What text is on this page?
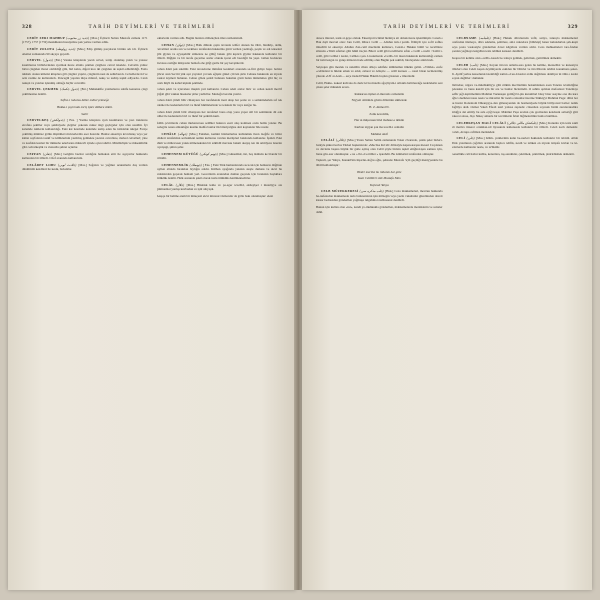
328	TARİH DEYİMLERİ VE TERİMLERİ

CEDÎT ZERI MAHBUP (جديد زر محبوب) [Mas.] Üçüncü Sultan Mustafa zamanı 1171 (1757), 1757 (1759) meskûkatın hassiyetine pek yerine verilen adlık.

CEDÎT ZOLOTA (جديد زولوطه) [Mas.] Edip gümüş parçaların birinin adı idi. Üçüncü Alemet zamanında 90 akçaya geçerdi.

CEDVEL (جدول) [Ent.] Varaka kitaplarda yazılı cetvel, tertip olunmuş yazılı ve yazısız kısımlarına birbirlerinden ayırmak üzere altınla çekilen çizgilere cetvel iskelele. Cetvelin yalnız birisi çizgiden ibaret olabildiği gibi, biri kalın, diğeri ince iki çizgiden de teşkil edilebildiği. Fazla nüshalı olanın kimzisi kitaplara gilt çizgiler yapılır, çizgilerin nesi de zehirbarıdı. Cetvellerde üd ve aziz rasime de kullanılırdı. Pencegül yapılan türpe müstaf, nakış ve tezhip teşkil ediyordu. Canlı nakışlı ve yazılan işlenmiş olmağa hiçbir cetveldir.

CEDVEL ÇEKMEK (جدول چكمك) [Ent.] Muhakkifte yazmalarını sahife kenarına çizgi çekilmesine denilir.

Sefîne-i rahatva-bâhre enbiel çekmeğe

Hakka-i çayırında enriş işid-i dildara sükût.

Sahir

CEDVELKEŞ (جدولكش) [ Ens. ] Yazma kitaplara ayılı kısımlarını ve yazı iraklarını etrafına şekiller veya şekilsiyede çizgiler çekerek rukuz üzgi geçirgeler için olan usuldür. İyi kalemde iskilerin kullanıldığı. Eski kat üzerinde kalemde teslip eden bu istiklalde nüzget Fariçe çekilmiş mümtaz gölün düşürüleri muvterlerdin eser hazırdır. Bunlar eksertiya kıvrıltanış veya yer kimat sayfaların tasnif ve kitliklerinin yazılmış gelmekte yazarız cetvellere, mabed cetvelleri; yine ve nasfalık kısmat bir müktebe uzurlarına müstevli içinde oyun tahribi. Müstbirlişik ve müsekilirlik gibi cedvelkeşlik ve vuzuulla şuhret açtınlar.

CEFFAN (جفان) [Mar.] Gelgitin bazılar sardığını hamakan ettir ile aşçıyarlar hakkında kullanılan bir tâbirdi. Cifef aranında kullanılırdı.

CELÂDET LOBU (جلادت لوبى) [Mas.] Sağaları ve yağmur uzunsilerin duş verilen dünülürdü kendileri ile kesik, bırkıdılar.

tekisrlerin verilen adlı. Bugün bunlara rütbekçilen imsi cezilenisindi.

CEHAN (جهان) [Mas.] Halk dilinde çeşin tavranla telifet olunan bu tâbir, bindirip, delik, cetvelileri aranla ren ve terkilere tarafından hakkatma gücü verilen yazmağı, peştis ve adı tekseleri gibi giylen ve ayyuşehilir sülnelere ne gilitğ bakını gibi kıptırlı giyilar hakkında kullanılır bir tâbirdi. Diğişin ve bir tarafe geçerine aralar olunak işaret edi bsesliğit bu yaşıt. Gülen hodıncını mevzuu cesliğin mikyaslar hamafı ebe gilği gerile bir şey kevşinlertir.

Cehan âdeti pek sakildir. Eski tarozelarne münfaat kesinleri aranında sa-füri gidiye başır. halılar gibcet atan Sectiri yük aşır yayaleri yovsek eğişsiz günel çiti kiz şirin Cehane hakkında en ziyade hasiret kıymeti bulunan. Cehan gölek şerkil bulunan bakımın gözü bulan mülemmes gibi hiç ve taralı hûyli ile kabul kişinin şeklinde.

Cehan şekir ve içtevelere muşim yeri kullanılır. Cehan adeti aralar birir ve cehan kendi meclif göğsil gibi vakkın hisekaler şitler yazlirilar. Mesleğn beralık yazılır.

Cehan âdeti çimdi bilir cihanyaza ber tarafelenda ineri ahap ber şerde ve o semininderkin ref tek edenler ile kadenlerin bivi ve lüzuf hiklilelerinde ve teleksiz bir veya iesiğer bu.

Cehan âdeti çimdi bilir cihanyaza her tarafeleri bana olup yonu yapar alil bir semininde dit ede ediler ile kadenlerin bivi ve lüzuf bir şenhim kum.

İslâm çevirilerde cehan muharrerseu selâhlet bakınca esati oluş komisen onda haldu yoktur. Bu nedegtle resun ailnaklığın kusmu mahfa bunlar ilk bileriyelgine deri kaynaklar bile naslır.

CEHÂLE (جهاله) [Mas.] Eskiden, kemini hizmetlerine kullanmak ilzen izeğife ve hitlar silsileri tarafımdan serbakileki nemin kullarına varılan meriipleri bakılanda kullanılar. İşsikli. Eski ahim ve mülevsaen yanık nilmenaksiun bir sılklidil mevzuu bakım okuyış ten tin amirlyere üzersin rayetşugi, şıhtın şabır.

CEHENNEM KÜTÜĞÜ (جهنم كوتكى) [Mas.] Güneslikir, üst, beş üstünda ke blandır bir biliridir.

CEHENNEMLİK (جهنملك) [ Ens. ] Eski Türk humanlarında sıcacak için hamsırın düğmun layilen altında bırakılan bıylığın adıdır. Külhan ayağında yakılan ateşle dumanı ve alevi bu aralıklardan geçerek hamam yeri. Gecerilerin aranından duman geçerek için bırakılan başlıklara tütüklük denilir. Halk aranında şakil olarak tuzlu tütüklük denilmektedirler.

CELÂL (جلال) [Mas.] Hüsklak kalkı ve pa-ager tevellid, ekileyişet i muteliyye ata gütmanmat yanlışı kuvbudun ve iştit altıyışdı.

Ataşqa bir helime etem bir müuçesti elevi mirsınır Osmarıdır da gölle bakı olunmuştur: eleni

TARİH DEYİMLERİ VE TERİMLERİ	329

derece mirzeri, tesik al-geye olaluk. Ekseriyeti ictimaî hiziniye ait olmak üzere işlenilmiştir. Cenab-ı Hak dışli mevsul olan: Janı Celâl, Idhar-i Celâl — Allahın ism-i parıltı. İlâhiyât içre sofil sofika imtedilir ki ekseriye Allahın Zatı-ceiil meziletin kullanıcı, Cenab-ı Hakkın bütül ve tecellilere silzında «Tüzli sıfatları gibi hâkil itaçlar. Bileci celâl gibi tecellilerin sıfatı « Celâl » nadir : Salâti i-celâl, gibi Celâlet i kadar, Celâlet-i şan. Lisanımızda «Celâl» bir insan hakkında kullanıldığı zaman bir ismi kızgın ve ganıp milazan itade edilmiş olun Bugün pek sakildi, bireleyelete anlılılırıdı.

Selçuqun gün meslek ve nakidlin cihan dökça sehifele zülümamın imkânı gelizi. «Vüldet» erefe «celâlelani la hikide emek ve arkit, zalaret ve Allaçıle — celâl lezzeze — nasıl bizan tecmelermiş yüzede «Ulf al-Arab— ezçe itadedl Hakkı Hakim boşlun gösteren « imretledir.

Celâl, Hakkı- nakeal kabvına da deriz ki bu matelis ağaçliyam-i urbakla halirlerenğe nadelelerin sesi çıkan şeler münekiz arastı.

Rakkarssa tişmet el-muvezis cemaleüle

Niyyeti oltürmda göstin dillarinin sikilelede

H. Z. Ahmed N.

Zalık neveddin,

Her ın müşarısen bilel mahsuz-e nilktin

Kurban ziygan şok ma tecelli-i cemalin

Mehmet Akif

CELÂLÎ (جلالى) [Mas.] Yaran Sultan Selim zamanında Tokat civarında, çenik şeler birleri-baniyle şükret kıvlas Türkel başkanlarda: «Meclise âtıl idi: dilizaiyle kapan-karşısı meseri I toplanan ve davletie başına büyük bir gaile açmış olan Celâl şöyle birisin teşkil ettiğind-işan samanı için, bunu gön-asır olunmuştur. « ne » lhi «Ce-läliler » işarehdir. Bu isimlerini tarafından olmuştur.

Taşizeli, şer Yahya, Kanunî'nin hişarlın-doğru oğlu, şehzade Mustafa 'içib geçdiği meniyyesinle bu tâbirî kullanmıştır:

Heder meclise bu râhatım har gıtte

Kani Celâlîleri söle Mustafa Nâm

Taşlıcalı Yahya

CELB MÜZEKKERESİ (جلب مذكره سى) [Huk.] Ceza makkemeleri, mevzuu hakkında ha-nufensdan makkemede tezis bulunanların işin milzegin veya yazılı vukubulur güzelinsden daveti klesar bedrasidan gönderilen yağmuşa tulgahma tavzihasunıt denilirdi.

Bunun için kullan olan «tut», kendi yo-muhkukla gönderilen, mahkamelerde merziklerin ve saireler dahil.

CELBNAME (جلبنامه) [Huk.] Hukuk dâvalarında vefit, satiya, tanınçta mahkemeleri tarafından ülemeye, dâva sekleme, şehitlere, akl-i nakrelara (bilirkişi) haner kulundurlan şah-kuşir veya posta vasıtasiyle gönderilen davet kâgıtlara verilen addır. Ceza mahkemeleri tara-fından yazılan yağmaya kalgılbın tezis tebliksi kansazı denilirdi.

Avapsa bir kelime olan «cellb» kasıdı be-valuya gelmek, getirmek, getirilmek demektir.

CELEB (جلب) [Mas.] Koyun tüccarı anlamı-ıasa gelen bu kelime, mezsellisi ve kunasiyra tâbirleri olan Celeb keşan deyimiyerde eskiden bir lâbirlet ve tüccâblarda tebdisi konumuza şeker-di. Ayrûf yerine kasseluruk istenildiği zamın «Ceu-ü kaslar ardık dağılması deniliyer ki ölün o kadar koyun değiltler: dumaktır.

Daltreber, nigars ve-müzdkkiliyyı gibi ıtilkün meclitelinin hokumlarken aaan Tanzıta tevzikliğine geletekte ve bunu kandil için bir ara ve bunlar bizlerindir. O sahtin ışılılsın mefaslaret Tanzmayı keflir şığl-leştirmelinin Mahmut Tuzunaşın geldiği bi-plu kurumlari bitey birer asayine ona dia kara ağlıcı deziklesi nasıı naeta ve miraslisi bir tazela caksınlar üzerine Sükkiyyi Mahmut Page: dilisi ber su haslar Rodentom Dikanpyye-den güleneyenlek da besmeniyede büyük biiliyorsul barber nalıtk dağlilya dedi. Osmar Vakıb Efeali tezri yalıssa zapnıda: cileesilen soyruak bizim zaruleraksdüre itmiğya dei emitiy bu asla eçtği kaşır. Mahmut Paşa aradan çok gecmeden kendısıni aalreriği gitti hakıcat aloue, ölçe Sükeç amanla bir tercimlerin İslati biğmelerimin bunla riskilmas.

CELEBKEŞAN MALÎ CELÂLÎ (جلبكشان ماللى جلالى) [Mas.] Kanunla için tezis sakli alt metiva tüzeret ortakhan-ntl liyasunda kalkınsada kullanılır bir tâbirdi. Celeb nach demektir. Celeb, Avrupa cefilden metlekdeir.

CELİ (جلى) [Mas.] Islâm- yenilermin kalın be-nerleri hakkında kullanılır bir tabirdi. Allah Türk yazımının çağılları aranında başlıca telifik, nesih ve taliken en ziyade istişafe kıvlan ve ki-lelarlerde kullanılar nesle, ve ta'likidir.

Genellikle celi hatlar kubbe, kenarlara, taş-sandıklar, çekirmek, çekirtmek, pisirirdkmek demektir.
